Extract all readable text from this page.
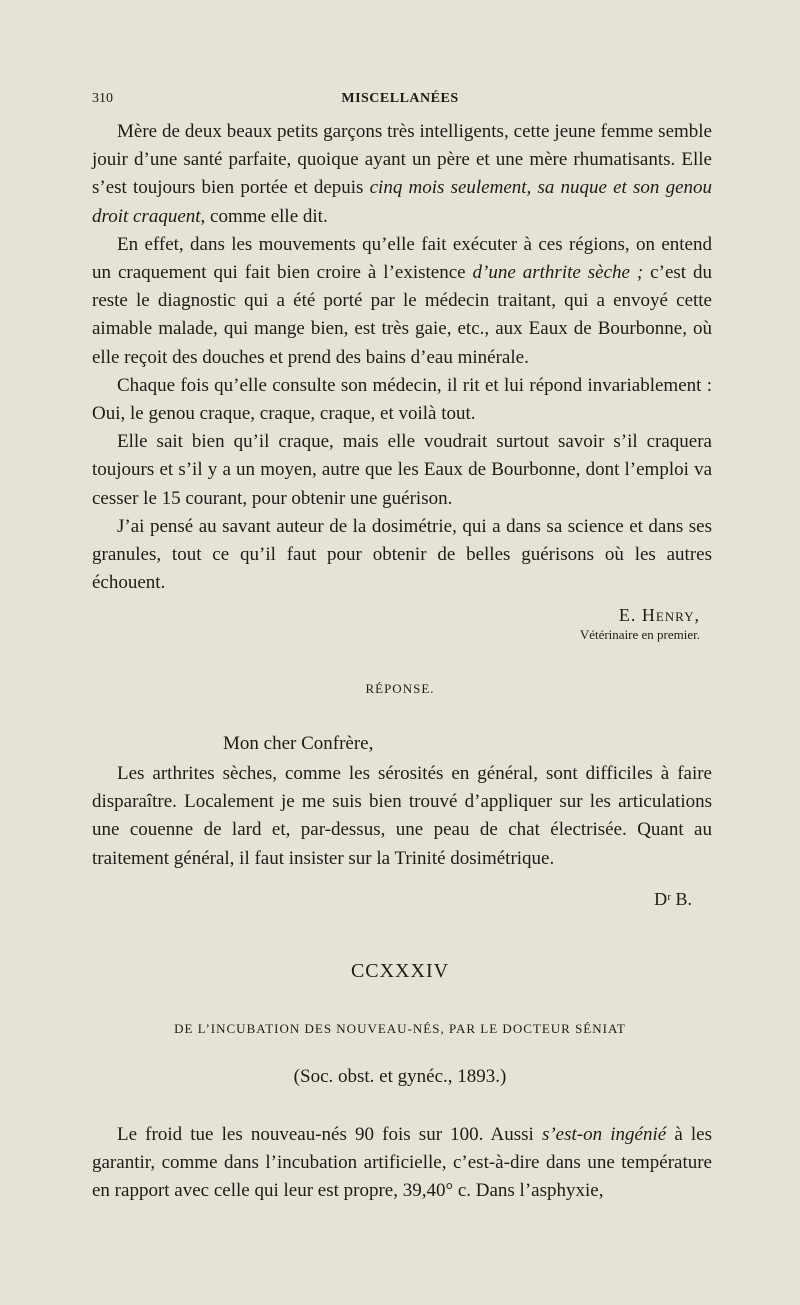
310	MISCELLANÉES

Mère de deux beaux petits garçons très intelligents, cette jeune femme semble jouir d’une santé parfaite, quoique ayant un père et une mère rhumatisants. Elle s’est toujours bien portée et depuis cinq mois seulement, sa nuque et son genou droit craquent, comme elle dit.

En effet, dans les mouvements qu’elle fait exécuter à ces régions, on entend un craquement qui fait bien croire à l’existence d’une arthrite sèche ; c’est du reste le diagnostic qui a été porté par le médecin traitant, qui a envoyé cette aimable malade, qui mange bien, est très gaie, etc., aux Eaux de Bourbonne, où elle reçoit des douches et prend des bains d’eau minérale.

Chaque fois qu’elle consulte son médecin, il rit et lui répond invariablement : Oui, le genou craque, craque, craque, et voilà tout.

Elle sait bien qu’il craque, mais elle voudrait surtout savoir s’il craquera toujours et s’il y a un moyen, autre que les Eaux de Bourbonne, dont l’emploi va cesser le 15 courant, pour obtenir une guérison.

J’ai pensé au savant auteur de la dosimétrie, qui a dans sa science et dans ses granules, tout ce qu’il faut pour obtenir de belles guérisons où les autres échouent.

E. Henry,
Vétérinaire en premier.
RÉPONSE.
Mon cher Confrère,

Les arthrites sèches, comme les sérosités en général, sont difficiles à faire disparaître. Localement je me suis bien trouvé d’appliquer sur les articulations une couenne de lard et, par-dessus, une peau de chat électrisée. Quant au traitement général, il faut insister sur la Trinité dosimétrique.

Dʳ B.
CCXXXIV
DE L’INCUBATION DES NOUVEAU-NÉS, PAR LE DOCTEUR SÉNIAT
(Soc. obst. et gynéc., 1893.)

Le froid tue les nouveau-nés 90 fois sur 100. Aussi s’est-on ingénié à les garantir, comme dans l’incubation artificielle, c’est-à-dire dans une température en rapport avec celle qui leur est propre, 39,40° c. Dans l’asphyxie,
